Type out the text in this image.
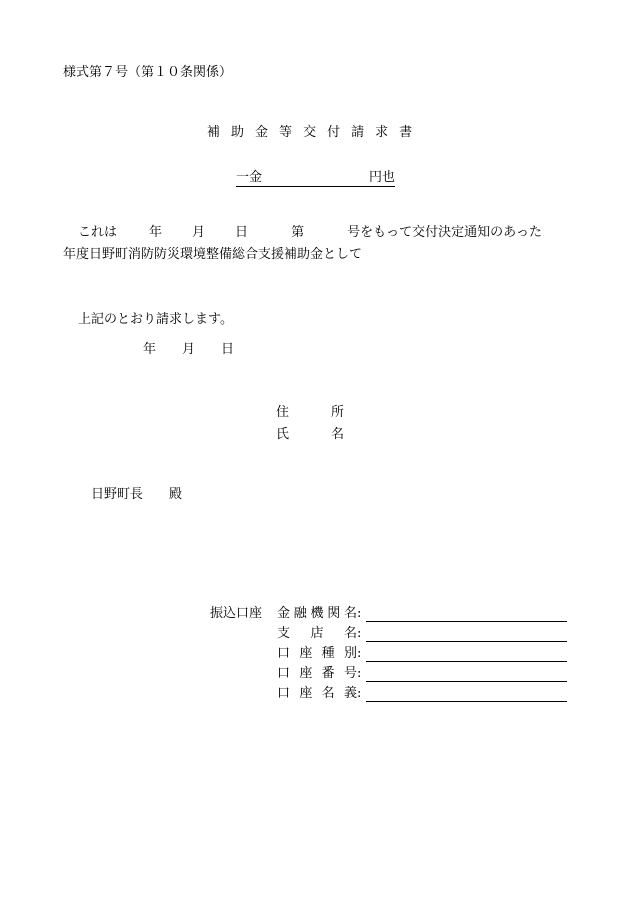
様式第７号（第１０条関係）
補 助 金 等 交 付 請 求 書
一金	円也
これは 年 月 日	第	号をもって交付決定通知のあった
年度日野町消防防災環境整備総合支援補助金として
上記のとおり請求します。
年 月 日
住	所
氏	名
日野町長 殿
振込口座 金 融 機 関 名 :
支 店 名 :
口 座 種 別 :
口 座 番 号 :
口 座 名 義 :
